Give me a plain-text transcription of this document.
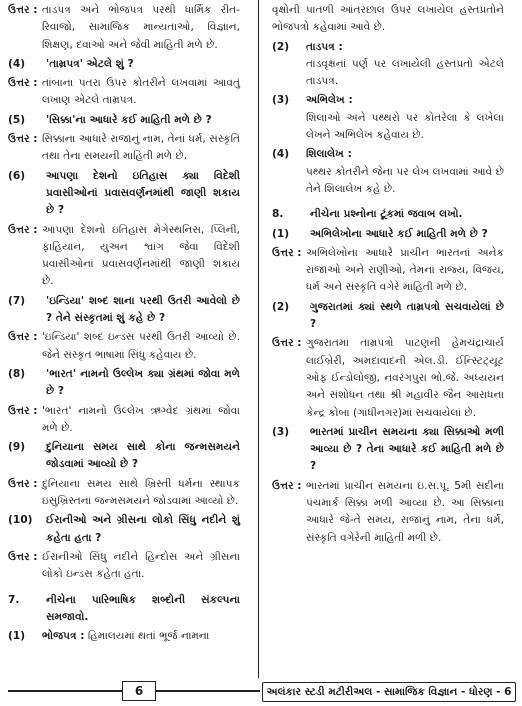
ઉત્તર : તાડપત્ર અને ભોજપત્ર પરથી ધાર્મિક રીત-રિવાજો, સામાજિક માન્યતાઓ, વિજ્ઞાન, શિક્ષણ, દવાઓ અને જેવી માહિતી મળે છે.
(4) 'તામ્રપત્ર' એટલે શું ?
ઉત્તર : તાંબાના પતરા ઉપર કોતરીને લખવામાં આવતું લખાણ એટલે તામ્રપત્ર.
(5) 'સિક્કા'ના આધારે કઈ માહિતી મળે છે ?
ઉત્તર : સિક્કાના આધારે રાજાનું નામ, તેનાં ધર્મ, સંસ્કૃતિ તથા તેના સમયની માહિતી મળે છે.
(6) આપણા દેશનો ઇતિહાસ ક્યા વિદેશી પ્રવાસીઓનાં પ્રવાસવર્ણનમાંથી જાણી શકાય છે ?
ઉત્તર : આપણા દેશનો ઇતિહાસ મેગેસ્થનિસ, પ્લિની, ફાહિયાન, યુઅન શ્વાંગ જેવા વિદેશી પ્રવાસીઓનાં પ્રવાસવર્ણનમાંથી જાણી શકાય છે.
(7) 'ઇન્ડિયા' શબ્દ શાના પરથી ઉતરી આવેલો છે ? તેને સંસ્કૃતમાં શું કહે છે ?
ઉત્તર : 'ઇન્ડિયા' શબ્દ ઇન્ડસ પરથી ઉતરી આવ્યો છે. જેને સંસ્કૃત ભાષામાં સિંધુ કહેવાય છે.
(8) 'ભારત' નામનો ઉલ્લેખ ક્યા ગ્રંથમાં જોવા મળે છે ?
ઉત્તર : 'ભારત' નામનો ઉલ્લેખ ઋગ્વેદ ગ્રંથમાં જોવા મળે છે.
(9) દુનિયાના સમય સાથે કોના જન્મસમયને જોડવામાં આવ્યો છે ?
ઉત્તર : દુનિયાના સમય સાથે ખ્રિસ્તી ધર્મના સ્થાપક ઇસુખ્રિસ્તના જન્મસમયને જોડવામાં આવ્યો છે.
(10) ઈરાનીઓ અને ગ્રીસના લોકો સિંધુ નદીને શું કહેતા હતા ?
ઉત્તર : ઈરાનીઓ સિંધુ નદીને હિન્દોસ અને ગ્રીસના લોકો ઇન્ડસ કહેતા હતા.
7.	નીચેના પારિભાષિક શબ્દોની સંકલ્પના સમજાવો.
(1) ભોજપત્ર : હિમાલયમાં થતાં ભૂર્જ નામના
વૃક્ષોની પાતળી આંતરછાલ ઉપર લખાયેલ હસ્તપ્રતોને ભોજપત્રો કહેવામાં આવે છે.
(2) તાડપત્ર :
તાડવૃક્ષનાં પર્ણ પર લખાયેલી હસ્તપ્રતો એટલે તાડપત્ર.
(3) અભિલેખ :
શિલાઓ અને પથ્થરો પર કોતરેલા કે લખેલા લેખને અભિલેખ કહેવાય છે.
(4) શિલાલેખ :
પથ્થર કોતરીને જેના પર લેખ લખવામાં આવે છે તેને શિલાલેખ કહે છે.
8.	નીચેના પ્રશ્નોના ટૂંકમાં જવાબ લખો.
(1) અભિલેખોના આધારે કઈ માહિતી મળે છે ?
ઉત્તર : અભિલેખોના આધારે પ્રાચીન ભારતનાં અનેક રાજાઓ અને રાણીઓ, તેમનાં રાજ્ય, વિજય, ધર્મ અને સંસ્કૃતિ વગેરે માહિતી મળે છે.
(2) ગુજરાતમાં ક્યાં સ્થળે તામ્રપત્રો સચવાયેલાં છે ?
ઉત્તર : ગુજરાતમાં તામ્રપત્રો પાટણની હેમચંદ્રાચાર્ય લાઈબ્રેરી, અમદાવાદની એલ.ડી. ઈન્સ્ટિટ્યૂટ ઓફ ઈન્ડોલોજી, નવરંગપુરા ભો.જે. અધ્યયન અને સંશોધન તથા શ્રી મહાવીર જૈન આરાધના કેન્દ્ર કોબા (ગાંધીનગર)માં સચવાયેલાં છે.
(3) ભારતમાં પ્રાચીન સમયના ક્યા સિક્કાઓ મળી આવ્યા છે ? તેના આધારે કઈ માહિતી મળે છે ?
ઉત્તર : ભારતમાં પ્રાચીન સમયના ઇ.સ.પૂ. 5મી સદીના પંચમાર્ક સિક્કા મળી આવ્યા છે. આ સિક્કાના આધારે જે-તે સમય, રાજાનું નામ, તેના ધર્મ, સંસ્કૃતિ વગેરેની માહિતી મળી છે.
6	અલંકાર સ્ટડી મટીરીઅલ - સામાજિક વિજ્ઞાન - ધોરણ - 6
